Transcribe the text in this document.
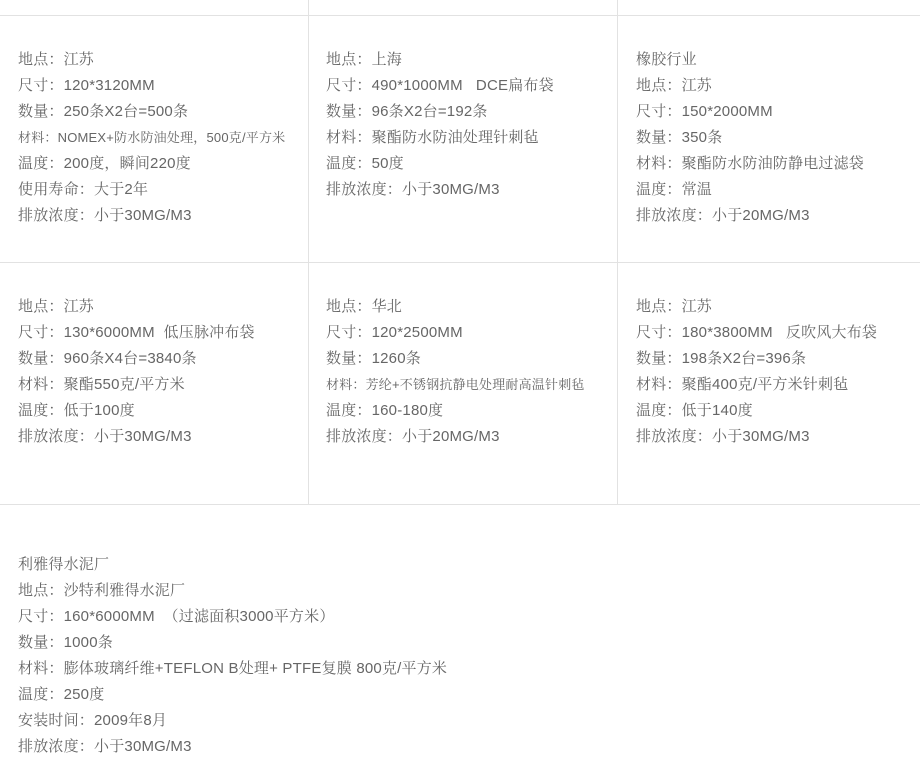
地点：江苏
尺寸：120*3120MM
数量：250条X2台=500条
材料：NOMEX+防水防油处理，500克/平方米
温度：200度，瞬间220度
使用寿命：大于2年
排放浓度：小于30MG/M3
地点：上海
尺寸：490*1000MM   DCE扁布袋
数量：96条X2台=192条
材料：聚酯防水防油处理针刺毡
温度：50度
排放浓度：小于30MG/M3
橡胶行业
地点：江苏
尺寸：150*2000MM
数量：350条
材料：聚酯防水防油防静电过滤袋
温度：常温
排放浓度：小于20MG/M3
地点：江苏
尺寸：130*6000MM  低压脉冲布袋
数量：960条X4台=3840条
材料：聚酯550克/平方米
温度：低于100度
排放浓度：小于30MG/M3
地点：华北
尺寸：120*2500MM
数量：1260条
材料：芳纶+不锈钢抗静电处理耐高温针刺毡
温度：160-180度
排放浓度：小于20MG/M3
地点：江苏
尺寸：180*3800MM   反吹风大布袋
数量：198条X2台=396条
材料：聚酯400克/平方米针刺毡
温度：低于140度
排放浓度：小于30MG/M3
利雅得水泥厂
地点：沙特利雅得水泥厂
尺寸：160*6000MM  （过滤面积3000平方米）
数量：1000条
材料：膨体玻璃纤维+TEFLON B处理+ PTFE复膜 800克/平方米
温度：250度
安装时间：2009年8月
排放浓度：小于30MG/M3
